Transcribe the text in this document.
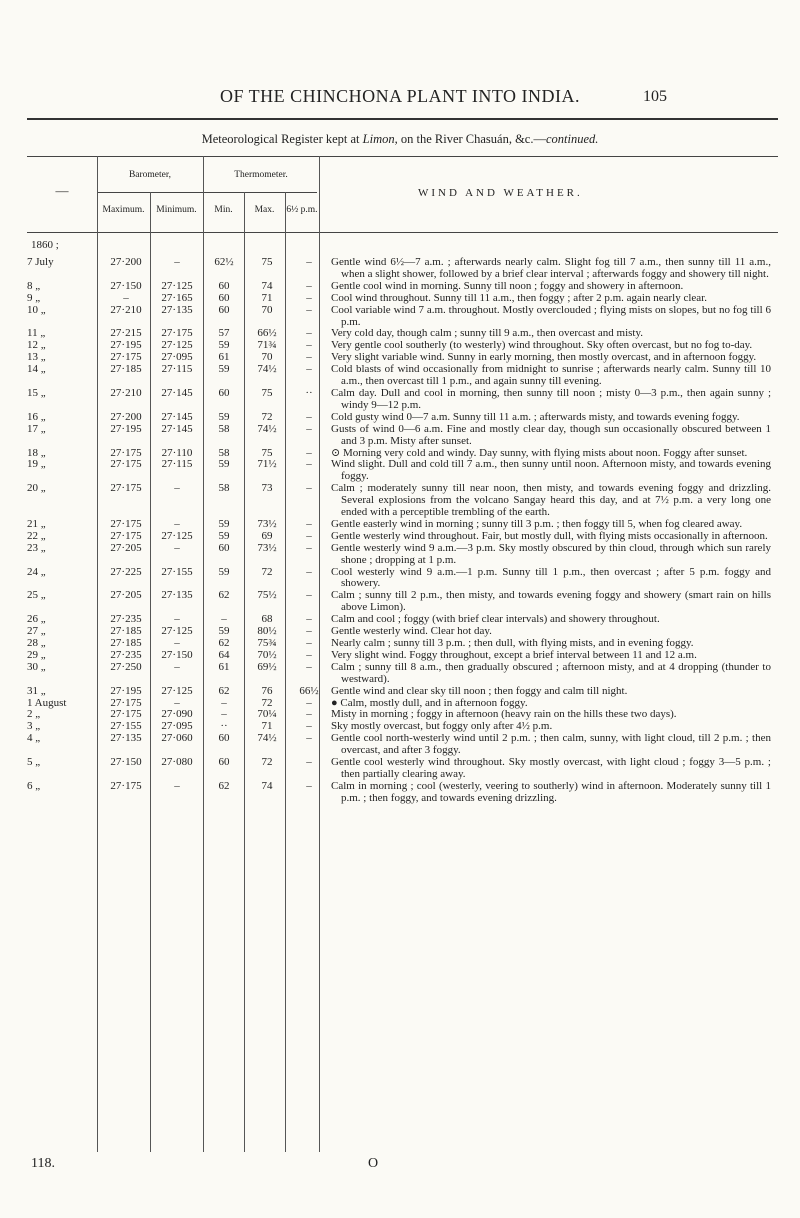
OF THE CHINCHONA PLANT INTO INDIA.	105
Meteorological Register kept at Limon, on the River Chasuán, &c.—continued.
—
Barometer,	Thermometer.
Maximum.	Minimum.	Min.	Max.	6½ p.m.
WIND AND WEATHER.
1860 ;
7 July	27·200	–	62½	75	–	Gentle wind 6½—7 a.m. ; afterwards nearly calm. Slight fog till 7 a.m., then sunny till 11 a.m., when a slight shower, followed by a brief clear interval ; afterwards foggy and showery till night.
8 „	27·150	27·125	60	74	–	Gentle cool wind in morning. Sunny till noon ; foggy and showery in afternoon.
9 „	–	27·165	60	71	–	Cool wind throughout. Sunny till 11 a.m., then foggy ; after 2 p.m. again nearly clear.
10 „	27·210	27·135	60	70	–	Cool variable wind 7 a.m. throughout. Mostly overclouded ; flying mists on slopes, but no fog till 6 p.m.
11 „	27·215	27·175	57	66½	–	Very cold day, though calm ; sunny till 9 a.m., then overcast and misty.
12 „	27·195	27·125	59	71¾	–	Very gentle cool southerly (to westerly) wind throughout. Sky often overcast, but no fog to-day.
13 „	27·175	27·095	61	70	–	Very slight variable wind. Sunny in early morning, then mostly overcast, and in afternoon foggy.
14 „	27·185	27·115	59	74½	–	Cold blasts of wind occasionally from midnight to sunrise ; afterwards nearly calm. Sunny till 10 a.m., then overcast till 1 p.m., and again sunny till evening.
15 „	27·210	27·145	60	75	··	Calm day. Dull and cool in morning, then sunny till noon ; misty 0—3 p.m., then again sunny ; windy 9—12 p.m.
16 „	27·200	27·145	59	72	–	Cold gusty wind 0—7 a.m. Sunny till 11 a.m. ; afterwards misty, and towards evening foggy.
17 „	27·195	27·145	58	74½	–	Gusts of wind 0—6 a.m. Fine and mostly clear day, though sun occasionally obscured between 1 and 3 p.m. Misty after sunset.
18 „	27·175	27·110	58	75	–	⊙ Morning very cold and windy. Day sunny, with flying mists about noon. Foggy after sunset.
19 „	27·175	27·115	59	71½	–	Wind slight. Dull and cold till 7 a.m., then sunny until noon. Afternoon misty, and towards evening foggy.
20 „	27·175	–	58	73	–	Calm ; moderately sunny till near noon, then misty, and towards evening foggy and drizzling. Several explosions from the volcano Sangay heard this day, and at 7½ p.m. a very long one ended with a perceptible trembling of the earth.
21 „	27·175	–	59	73½	–	Gentle easterly wind in morning ; sunny till 3 p.m. ; then foggy till 5, when fog cleared away.
22 „	27·175	27·125	59	69	–	Gentle westerly wind throughout. Fair, but mostly dull, with flying mists occasionally in afternoon.
23 „	27·205	–	60	73½	–	Gentle westerly wind 9 a.m.—3 p.m. Sky mostly obscured by thin cloud, through which sun rarely shone ; dropping at 1 p.m.
24 „	27·225	27·155	59	72	–	Cool westerly wind 9 a.m.—1 p.m. Sunny till 1 p.m., then overcast ; after 5 p.m. foggy and showery.
25 „	27·205	27·135	62	75½	–	Calm ; sunny till 2 p.m., then misty, and towards evening foggy and showery (smart rain on hills above Limon).
26 „	27·235	–	–	68	–	Calm and cool ; foggy (with brief clear intervals) and showery throughout.
27 „	27·185	27·125	59	80½	–	Gentle westerly wind. Clear hot day.
28 „	27·185	–	62	75¾	–	Nearly calm ; sunny till 3 p.m. ; then dull, with flying mists, and in evening foggy.
29 „	27·235	27·150	64	70½	–	Very slight wind. Foggy throughout, except a brief interval between 11 and 12 a.m.
30 „	27·250	–	61	69½	–	Calm ; sunny till 8 a.m., then gradually obscured ; afternoon misty, and at 4 dropping (thunder to westward).
31 „	27·195	27·125	62	76	66½	Gentle wind and clear sky till noon ; then foggy and calm till night.
1 August	27·175	–	–	72	–	● Calm, mostly dull, and in afternoon foggy.
2 „	27·175	27·090	–	70¼	–	Misty in morning ; foggy in afternoon (heavy rain on the hills these two days).
3 „	27·155	27·095	··	71	–	Sky mostly overcast, but foggy only after 4½ p.m.
4 „	27·135	27·060	60	74½	–	Gentle cool north-westerly wind until 2 p.m. ; then calm, sunny, with light cloud, till 2 p.m. ; then overcast, and after 3 foggy.
5 „	27·150	27·080	60	72	–	Gentle cool westerly wind throughout. Sky mostly overcast, with light cloud ; foggy 3—5 p.m. ; then partially clearing away.
6 „	27·175	–	62	74	–	Calm in morning ; cool (westerly, veering to southerly) wind in afternoon. Moderately sunny till 1 p.m. ; then foggy, and towards evening drizzling.
118.	O
